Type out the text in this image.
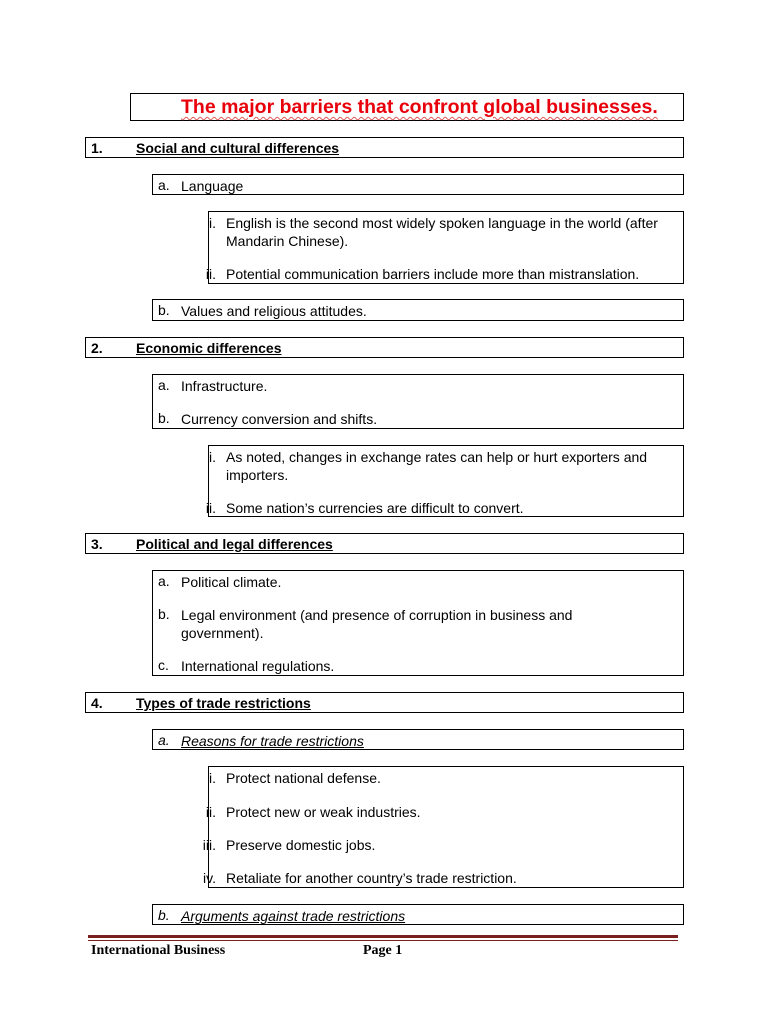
The major barriers that confront global businesses.
1. Social and cultural differences
a. Language
i. English is the second most widely spoken language in the world (after Mandarin Chinese).
ii. Potential communication barriers include more than mistranslation.
b. Values and religious attitudes.
2. Economic differences
a. Infrastructure.
b. Currency conversion and shifts.
i. As noted, changes in exchange rates can help or hurt exporters and importers.
ii. Some nation’s currencies are difficult to convert.
3. Political and legal differences
a. Political climate.
b. Legal environment (and presence of corruption in business and government).
c. International regulations.
4. Types of trade restrictions
a. Reasons for trade restrictions
i. Protect national defense.
ii. Protect new or weak industries.
iii. Preserve domestic jobs.
iv. Retaliate for another country’s trade restriction.
b. Arguments against trade restrictions
International Business	Page 1
